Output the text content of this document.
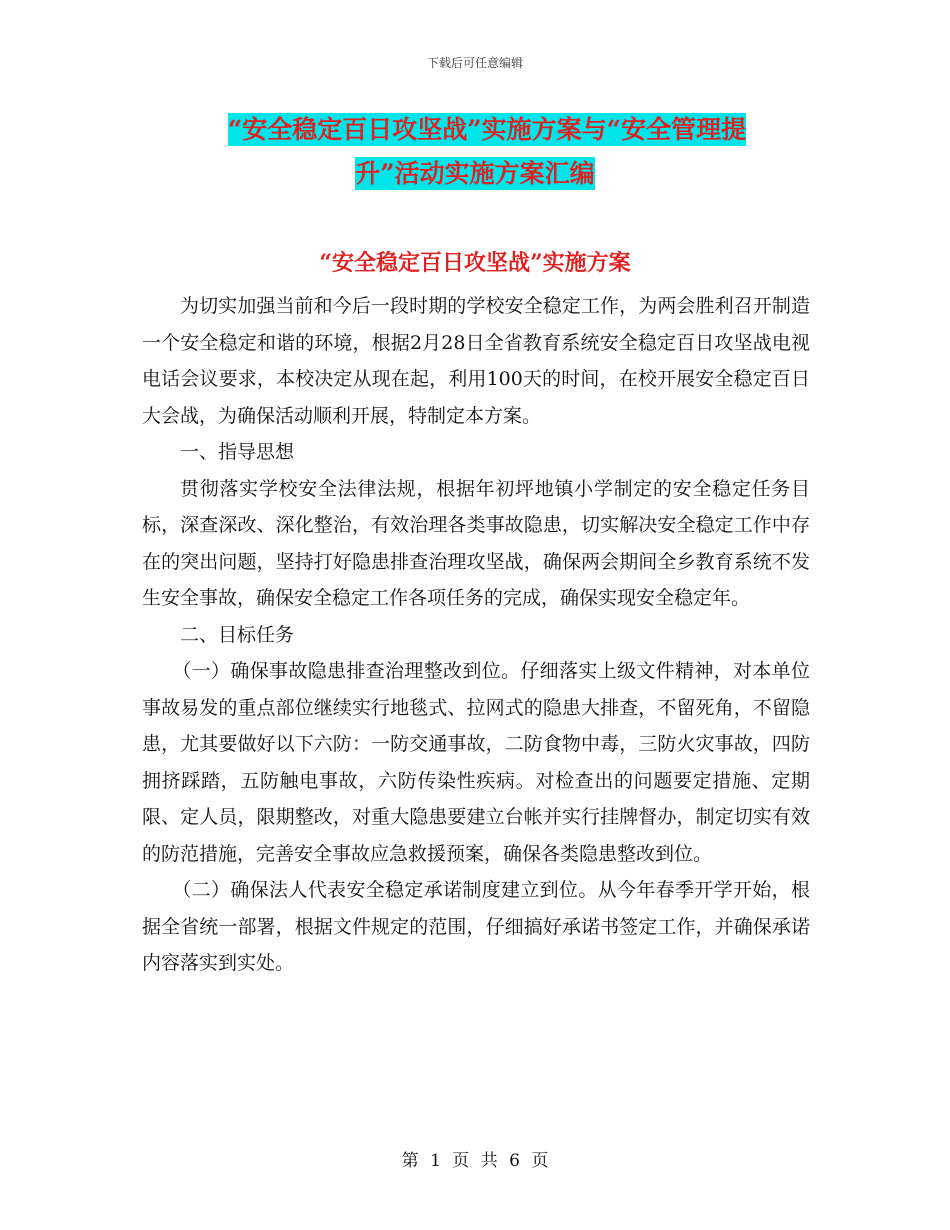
下载后可任意编辑
“安全稳定百日攻坚战”实施方案与“安全管理提
升”活动实施方案汇编
“安全稳定百日攻坚战”实施方案

为切实加强当前和今后一段时期的学校安全稳定工作，为两会胜利召开制造一个安全稳定和谐的环境，根据2月28日全省教育系统安全稳定百日攻坚战电视电话会议要求，本校决定从现在起，利用100天的时间，在校开展安全稳定百日大会战，为确保活动顺利开展，特制定本方案。

一、指导思想

贯彻落实学校安全法律法规，根据年初坪地镇小学制定的安全稳定任务目标，深查深改、深化整治，有效治理各类事故隐患，切实解决安全稳定工作中存在的突出问题，坚持打好隐患排查治理攻坚战，确保两会期间全乡教育系统不发生安全事故，确保安全稳定工作各项任务的完成，确保实现安全稳定年。

二、目标任务

（一）确保事故隐患排查治理整改到位。仔细落实上级文件精神，对本单位事故易发的重点部位继续实行地毯式、拉网式的隐患大排查，不留死角，不留隐患，尤其要做好以下六防：一防交通事故，二防食物中毒，三防火灾事故，四防拥挤踩踏，五防触电事故，六防传染性疾病。对检查出的问题要定措施、定期限、定人员，限期整改，对重大隐患要建立台帐并实行挂牌督办，制定切实有效的防范措施，完善安全事故应急救援预案，确保各类隐患整改到位。

（二）确保法人代表安全稳定承诺制度建立到位。从今年春季开学开始，根据全省统一部署，根据文件规定的范围，仔细搞好承诺书签定工作，并确保承诺内容落实到实处。

第 1 页 共 6 页
